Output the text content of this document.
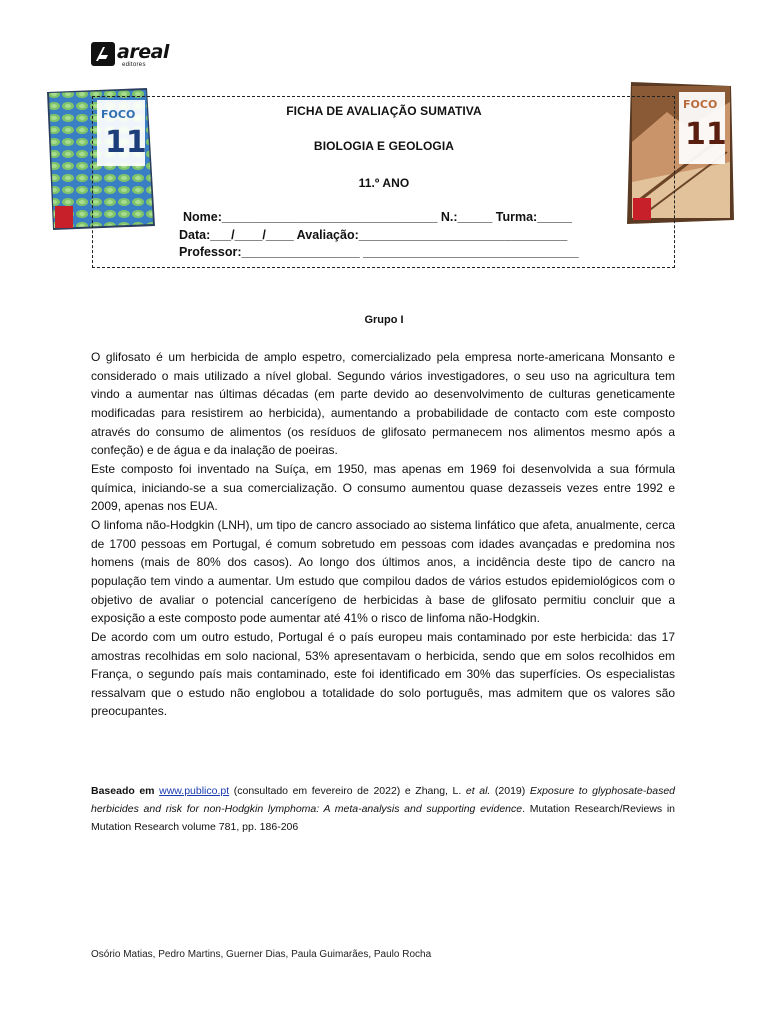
areal
editores
FOCO
11
FOCO
11
FICHA DE AVALIAÇÃO SUMATIVA
BIOLOGIA E GEOLOGIA
11.º ANO
Nome:_______________________________ N.:_____ Turma:_____
Data:___/____/____ Avaliação:______________________________
Professor:_________________ _______________________________
Grupo I

O glifosato é um herbicida de amplo espetro, comercializado pela empresa norte-americana Monsanto e considerado o mais utilizado a nível global. Segundo vários investigadores, o seu uso na agricultura tem vindo a aumentar nas últimas décadas (em parte devido ao desenvolvimento de culturas geneticamente modificadas para resistirem ao herbicida), aumentando a probabilidade de contacto com este composto através do consumo de alimentos (os resíduos de glifosato permanecem nos alimentos mesmo após a confeção) e de água e da inalação de poeiras.

Este composto foi inventado na Suíça, em 1950, mas apenas em 1969 foi desenvolvida a sua fórmula química, iniciando-se a sua comercialização. O consumo aumentou quase dezasseis vezes entre 1992 e 2009, apenas nos EUA.

O linfoma não-Hodgkin (LNH), um tipo de cancro associado ao sistema linfático que afeta, anualmente, cerca de 1700 pessoas em Portugal, é comum sobretudo em pessoas com idades avançadas e predomina nos homens (mais de 80% dos casos). Ao longo dos últimos anos, a incidência deste tipo de cancro na população tem vindo a aumentar. Um estudo que compilou dados de vários estudos epidemiológicos com o objetivo de avaliar o potencial cancerígeno de herbicidas à base de glifosato permitiu concluir que a exposição a este composto pode aumentar até 41% o risco de linfoma não-Hodgkin.

De acordo com um outro estudo, Portugal é o país europeu mais contaminado por este herbicida: das 17 amostras recolhidas em solo nacional, 53% apresentavam o herbicida, sendo que em solos recolhidos em França, o segundo país mais contaminado, este foi identificado em 30% das superfícies. Os especialistas ressalvam que o estudo não englobou a totalidade do solo português, mas admitem que os valores são preocupantes.

Baseado em www.publico.pt (consultado em fevereiro de 2022) e Zhang, L. et al. (2019) Exposure to glyphosate-based herbicides and risk for non-Hodgkin lymphoma: A meta-analysis and supporting evidence. Mutation Research/Reviews in Mutation Research volume 781, pp. 186-206
Osório Matias, Pedro Martins, Guerner Dias, Paula Guimarães, Paulo Rocha
